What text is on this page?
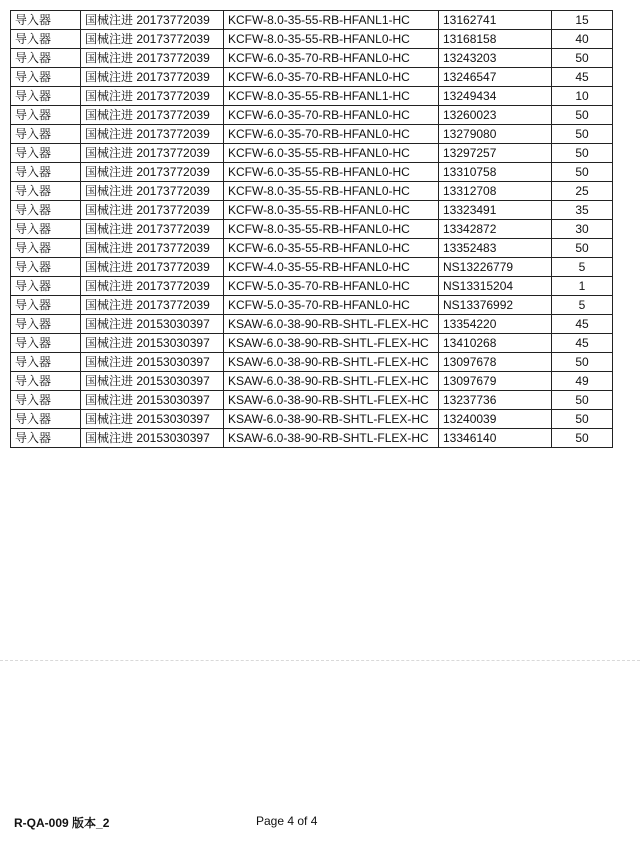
导入器	国械注进 20173772039	KCFW-8.0-35-55-RB-HFANL1-HC	13162741	15
导入器	国械注进 20173772039	KCFW-8.0-35-55-RB-HFANL0-HC	13168158	40
导入器	国械注进 20173772039	KCFW-6.0-35-70-RB-HFANL0-HC	13243203	50
导入器	国械注进 20173772039	KCFW-6.0-35-70-RB-HFANL0-HC	13246547	45
导入器	国械注进 20173772039	KCFW-8.0-35-55-RB-HFANL1-HC	13249434	10
导入器	国械注进 20173772039	KCFW-6.0-35-70-RB-HFANL0-HC	13260023	50
导入器	国械注进 20173772039	KCFW-6.0-35-70-RB-HFANL0-HC	13279080	50
导入器	国械注进 20173772039	KCFW-6.0-35-55-RB-HFANL0-HC	13297257	50
导入器	国械注进 20173772039	KCFW-6.0-35-55-RB-HFANL0-HC	13310758	50
导入器	国械注进 20173772039	KCFW-8.0-35-55-RB-HFANL0-HC	13312708	25
导入器	国械注进 20173772039	KCFW-8.0-35-55-RB-HFANL0-HC	13323491	35
导入器	国械注进 20173772039	KCFW-8.0-35-55-RB-HFANL0-HC	13342872	30
导入器	国械注进 20173772039	KCFW-6.0-35-55-RB-HFANL0-HC	13352483	50
导入器	国械注进 20173772039	KCFW-4.0-35-55-RB-HFANL0-HC	NS13226779	5
导入器	国械注进 20173772039	KCFW-5.0-35-70-RB-HFANL0-HC	NS13315204	1
导入器	国械注进 20173772039	KCFW-5.0-35-70-RB-HFANL0-HC	NS13376992	5
导入器	国械注进 20153030397	KSAW-6.0-38-90-RB-SHTL-FLEX-HC	13354220	45
导入器	国械注进 20153030397	KSAW-6.0-38-90-RB-SHTL-FLEX-HC	13410268	45
导入器	国械注进 20153030397	KSAW-6.0-38-90-RB-SHTL-FLEX-HC	13097678	50
导入器	国械注进 20153030397	KSAW-6.0-38-90-RB-SHTL-FLEX-HC	13097679	49
导入器	国械注进 20153030397	KSAW-6.0-38-90-RB-SHTL-FLEX-HC	13237736	50
导入器	国械注进 20153030397	KSAW-6.0-38-90-RB-SHTL-FLEX-HC	13240039	50
导入器	国械注进 20153030397	KSAW-6.0-38-90-RB-SHTL-FLEX-HC	13346140	50
R-QA-009 版本_2	Page 4 of 4
